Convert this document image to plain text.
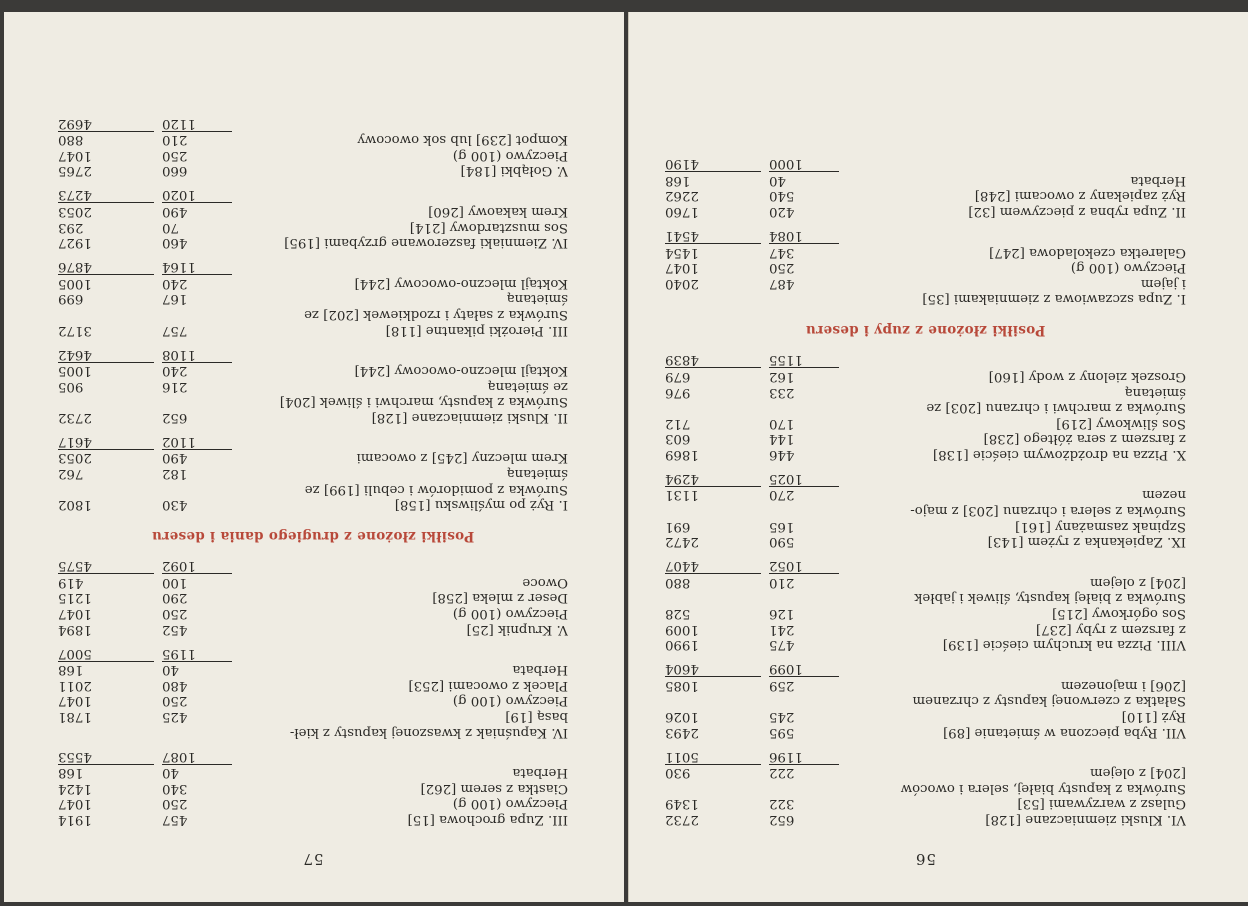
56
VI. Kluski ziemniaczane [128]
652
2732
Gulasz z warzywami [53]
322
1349
Surówka z kapusty białej, selera i owoców
[204] z olejem
222
930
1196
5011
VII. Ryba pieczona w śmietanie [89]
595
2493
Ryż [110]
245
1026
Sałatka z czerwonej kapusty z chrzanem
[206] i majonezem
259
1085
1099
4604
VIII. Pizza na kruchym cieście [139]
475
1990
z farszem z ryby [237]
241
1009
Sos ogórkowy [215]
126
528
Surówka z białej kapusty, śliwek i jabłek
[204] z olejem
210
880
1052
4407
IX. Zapiekanka z ryżem [143]
590
2472
Szpinak zasmażany [161]
165
691
Surówka z selera i chrzanu [203] z majo-
nezem
270
1131
1025
4294
X. Pizza na drożdżowym cieście [138]
446
1869
z farszem z sera żółtego [238]
144
603
Sos śliwkowy [219]
170
712
Surówka z marchwi i chrzanu [203] ze
śmietaną
233
976
Groszek zielony z wody [160]
162
679
1155
4839
Posiłki złożone z zupy i deseru
I. Zupa szczawiowa z ziemniakami [35]
i jajem
487
2040
Pieczywo (100 g)
250
1047
Galaretka czekoladowa [247]
347
1454
1084
4541
II. Zupa rybna z pieczywem [32]
420
1760
Ryż zapiekany z owocami [248]
540
2262
Herbata
40
168
1000
4190
57
III. Zupa grochowa [15]
457
1914
Pieczywo (100 g)
250
1047
Ciastka z serem [262]
340
1424
Herbata
40
168
1087
4553
IV. Kapuśniak z kwaszonej kapusty z kieł-
basą [19]
425
1781
Pieczywo (100 g)
250
1047
Placek z owocami [253]
480
2011
Herbata
40
168
1195
5007
V. Krupnik [25]
452
1894
Pieczywo (100 g)
250
1047
Deser z mleka [258]
290
1215
Owoce
100
419
1092
4575
Posiłki złożone z drugiego dania i deseru
I. Ryż po myśliwsku [158]
430
1802
Surówka z pomidorów i cebuli [199] ze
śmietaną
182
762
Krem mleczny [245] z owocami
490
2053
1102
4617
II. Kluski ziemniaczane [128]
652
2732
Surówka z kapusty, marchwi i śliwek [204]
ze śmietaną
216
905
Koktajl mleczno-owocowy [244]
240
1005
1108
4642
III. Pierożki pikantne [118]
757
3172
Surówka z sałaty i rzodkiewek [202] ze
śmietaną
167
699
Koktajl mleczno-owocowy [244]
240
1005
1164
4876
IV. Ziemniaki faszerowane grzybami [195]
460
1927
Sos musztardowy [214]
70
293
Krem kakaowy [260]
490
2053
1020
4273
V. Gołąbki [184]
660
2765
Pieczywo (100 g)
250
1047
Kompot [239] lub sok owocowy
210
880
1120
4692
